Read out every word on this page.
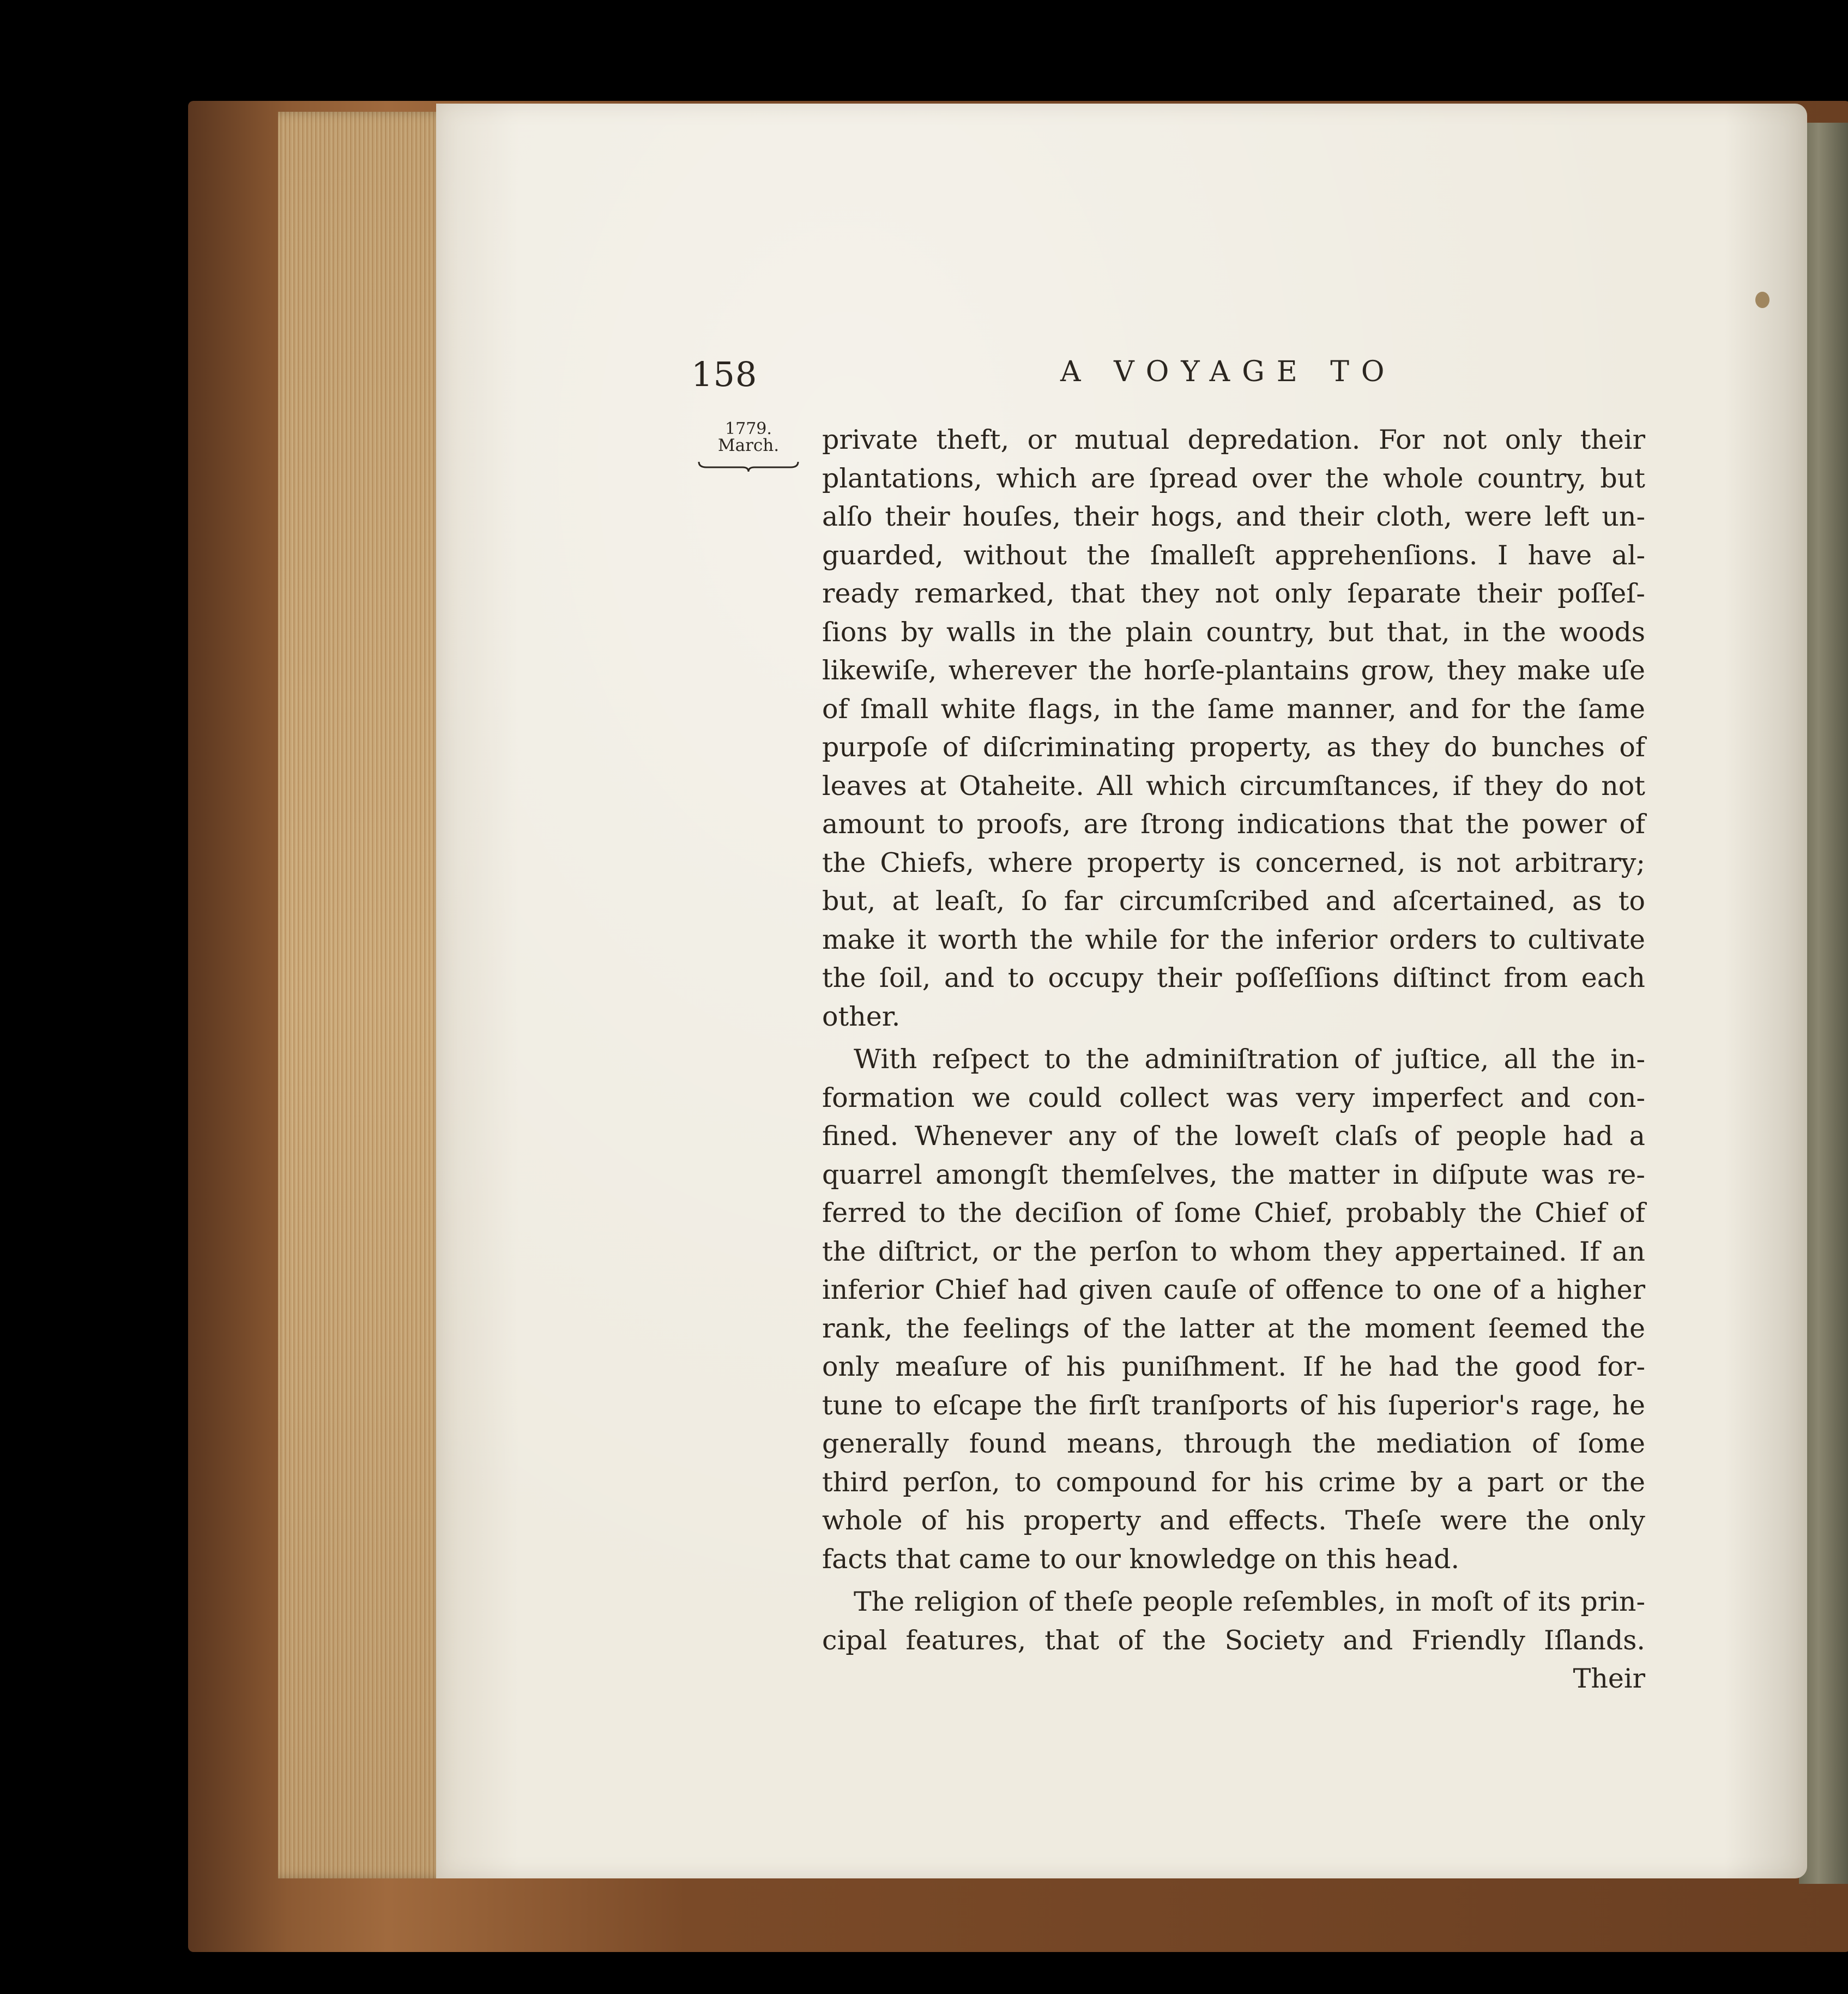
158	A VOYAGE TO
1779.
March.	private theft, or mutual depredation. For not only their
plantations, which are ſpread over the whole country, but
alſo their houſes, their hogs, and their cloth, were left un-
guarded, without the ſmalleſt apprehenſions. I have al-
ready remarked, that they not only ſeparate their poſſeſ-
ſions by walls in the plain country, but that, in the woods
likewiſe, wherever the horſe-plantains grow, they make uſe
of ſmall white flags, in the ſame manner, and for the ſame
purpoſe of diſcriminating property, as they do bunches of
leaves at Otaheite. All which circumſtances, if they do not
amount to proofs, are ſtrong indications that the power of
the Chiefs, where property is concerned, is not arbitrary;
but, at leaſt, ſo far circumſcribed and aſcertained, as to
make it worth the while for the inferior orders to cultivate
the ſoil, and to occupy their poſſeſſions diſtinct from each
other.
With reſpect to the adminiſtration of juſtice, all the in-
formation we could collect was very imperfect and con-
fined. Whenever any of the loweſt claſs of people had a
quarrel amongſt themſelves, the matter in diſpute was re-
ferred to the deciſion of ſome Chief, probably the Chief of
the diſtrict, or the perſon to whom they appertained. If an
inferior Chief had given cauſe of offence to one of a higher
rank, the feelings of the latter at the moment ſeemed the
only meaſure of his puniſhment. If he had the good for-
tune to eſcape the firſt tranſports of his ſuperior's rage, he
generally found means, through the mediation of ſome
third perſon, to compound for his crime by a part or the
whole of his property and effects. Theſe were the only
facts that came to our knowledge on this head.
The religion of theſe people reſembles, in moſt of its prin-
cipal features, that of the Society and Friendly Iſlands.
Their
